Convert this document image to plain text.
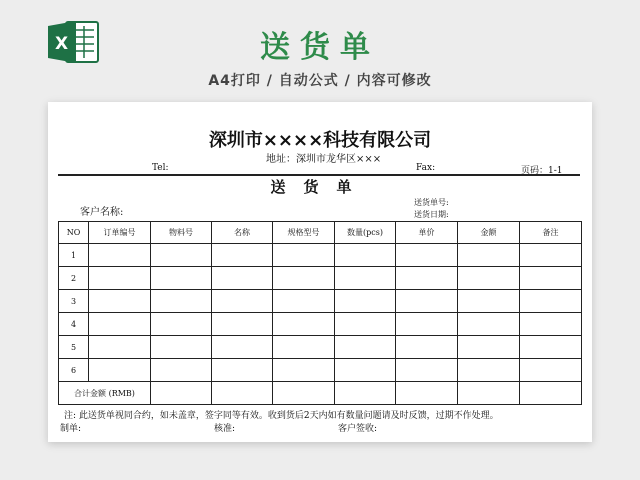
X	送货单
A4打印 / 自动公式 / 内容可修改
深圳市××××科技有限公司
地址：深圳市龙华区×××
Tel:	Fax:	页码：1-1
送货单
客户名称:
送货单号:
送货日期:
NO	订单编号	物料号	名称	规格型号	数量(pcs)	单价	金额	备注
1								
2								
3								
4								
5								
6								
合计金额 (RMB)								
注: 此送货单视同合约，如未盖章，签字同等有效。收到货后2天内如有数量问题请及时反馈，过期不作处理。
制单:	核准:	客户签收:
